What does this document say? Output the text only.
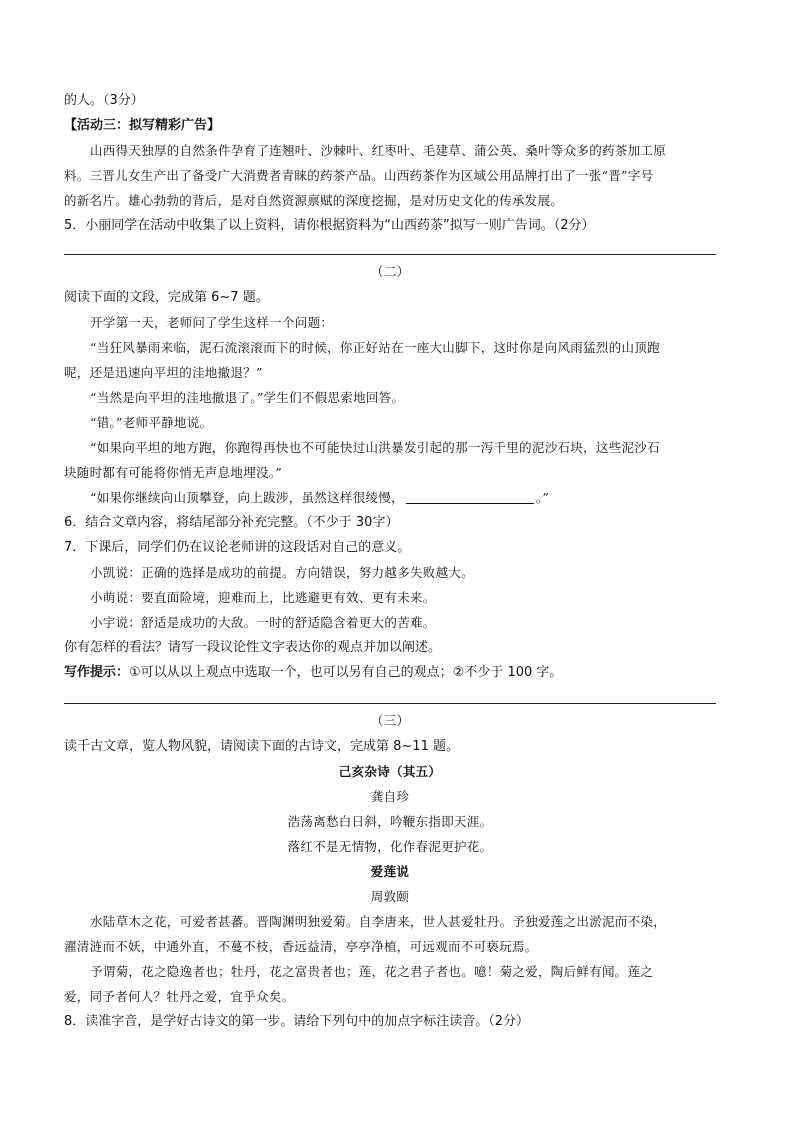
的人。（3分）
【活动三：拟写精彩广告】
山西得天独厚的自然条件孕育了连翘叶、沙棘叶、红枣叶、毛建草、蒲公英、桑叶等众多的药茶加工原
料。三晋儿女生产出了备受广大消费者青睐的药茶产品。山西药茶作为区域公用品牌打出了一张“晋”字号
的新名片。雄心勃勃的背后，是对自然资源禀赋的深度挖掘，是对历史文化的传承发展。
5．小丽同学在活动中收集了以上资料，请你根据资料为“山西药茶”拟写一则广告词。（2分）
（二）
阅读下面的文段，完成第 6~7 题。
开学第一天，老师问了学生这样一个问题：
“当狂风暴雨来临，泥石流滚滚而下的时候，你正好站在一座大山脚下，这时你是向风雨猛烈的山顶跑
呢，还是迅速向平坦的洼地撤退？”
“当然是向平坦的洼地撤退了。”学生们不假思索地回答。
“错。”老师平静地说。
“如果向平坦的地方跑，你跑得再快也不可能快过山洪暴发引起的那一泻千里的泥沙石块，这些泥沙石
块随时都有可能将你悄无声息地埋没。”
“如果你继续向山顶攀登，向上跋涉，虽然这样很绫慢，	。”
6．结合文章内容，将结尾部分补充完整。（不少于 30字）
7．下课后，同学们仍在议论老师讲的这段话对自己的意义。
小凯说：正确的选择是成功的前提。方向错误，努力越多失败越大。
小萌说：要直面险境，迎难而上，比逃避更有效、更有未来。
小宇说：舒适是成功的大敌。一时的舒适隐含着更大的苦难。
你有怎样的看法？请写一段议论性文字表达你的观点并加以阐述。
写作提示：①可以从以上观点中选取一个，也可以另有自己的观点；②不少于 100 字。
（三）
读千古文章，览人物风貌，请阅读下面的古诗文，完成第 8~11 题。
己亥杂诗（其五）
龚自珍
浩荡离愁白日斜，吟鞭东指即天涯。
落红不是无情物，化作春泥更护花。
爱莲说
周敦颐
水陆草木之花，可爱者甚蕃。晋陶渊明独爱菊。自李唐来，世人甚爱牡丹。予独爱莲之出淤泥而不染，
濯清涟而不妖，中通外直，不蔓不枝，香远益清，亭亭净植，可远观而不可亵玩焉。
予谓菊，花之隐逸者也；牡丹，花之富贵者也；莲，花之君子者也。噫！菊之爱，陶后鲜有闻。莲之
爱，同予者何人？牡丹之爱，宜乎众矣。
8．读准字音，是学好古诗文的第一步。请给下列句中的加点字标注读音。（2分）
